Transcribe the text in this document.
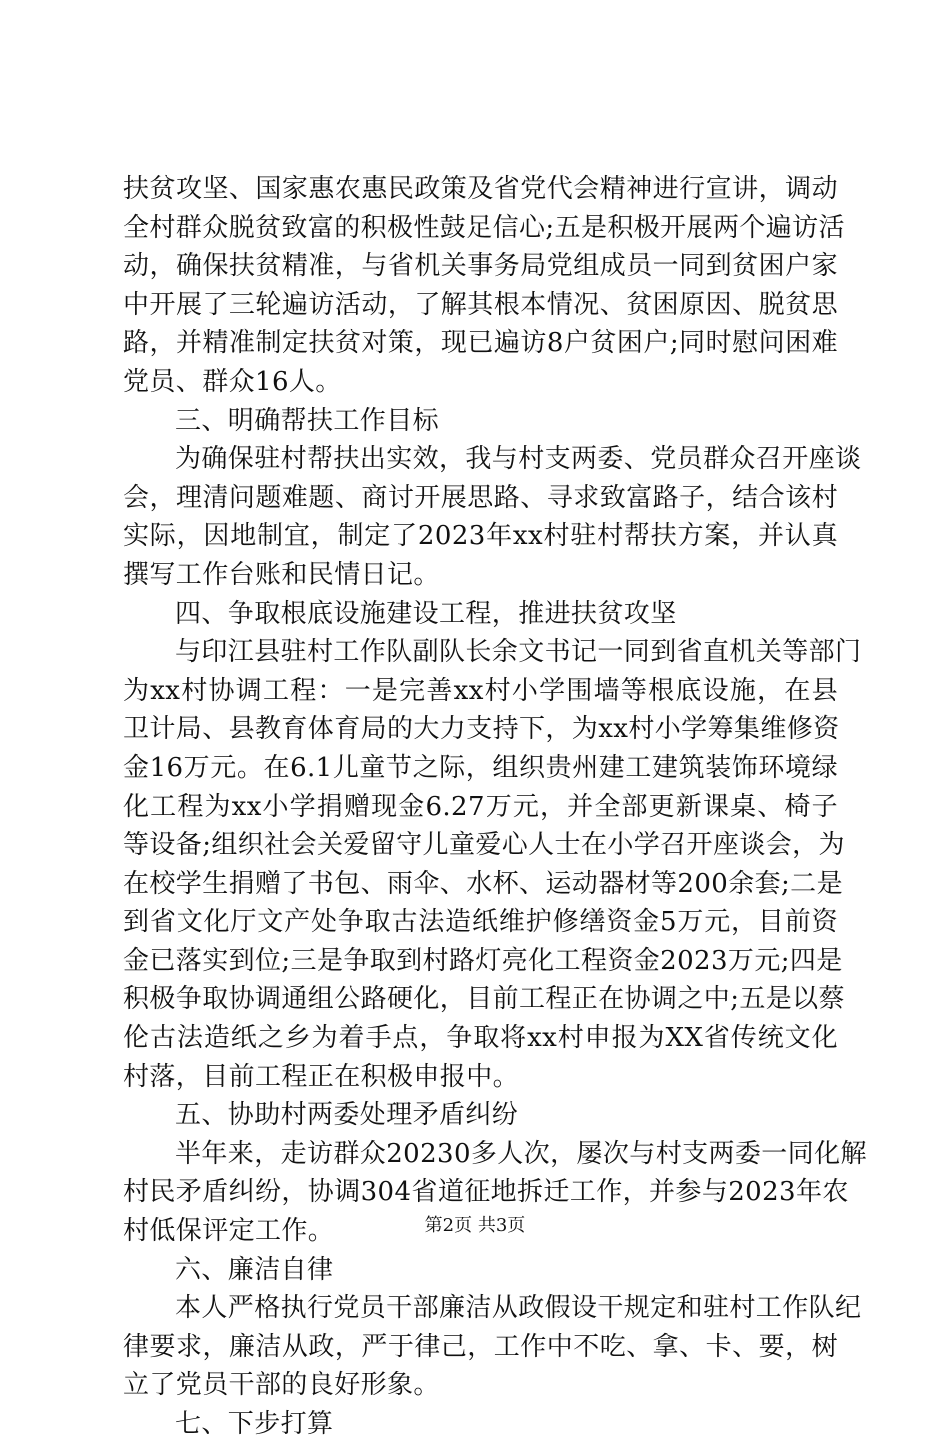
扶贫攻坚、国家惠农惠民政策及省党代会精神进行宣讲，调动
全村群众脱贫致富的积极性鼓足信心;五是积极开展两个遍访活
动，确保扶贫精准，与省机关事务局党组成员一同到贫困户家
中开展了三轮遍访活动，了解其根本情况、贫困原因、脱贫思
路，并精准制定扶贫对策，现已遍访8户贫困户;同时慰问困难
党员、群众16人。
三、明确帮扶工作目标
为确保驻村帮扶出实效，我与村支两委、党员群众召开座谈
会，理清问题难题、商讨开展思路、寻求致富路子，结合该村
实际，因地制宜，制定了2023年xx村驻村帮扶方案，并认真
撰写工作台账和民情日记。
四、争取根底设施建设工程，推进扶贫攻坚
与印江县驻村工作队副队长余文书记一同到省直机关等部门
为xx村协调工程：一是完善xx村小学围墙等根底设施，在县
卫计局、县教育体育局的大力支持下，为xx村小学筹集维修资
金16万元。在6.1儿童节之际，组织贵州建工建筑装饰环境绿
化工程为xx小学捐赠现金6.27万元，并全部更新课桌、椅子
等设备;组织社会关爱留守儿童爱心人士在小学召开座谈会，为
在校学生捐赠了书包、雨伞、水杯、运动器材等200余套;二是
到省文化厅文产处争取古法造纸维护修缮资金5万元，目前资
金已落实到位;三是争取到村路灯亮化工程资金2023万元;四是
积极争取协调通组公路硬化，目前工程正在协调之中;五是以蔡
伦古法造纸之乡为着手点，争取将xx村申报为XX省传统文化
村落，目前工程正在积极申报中。
五、协助村两委处理矛盾纠纷
半年来，走访群众20230多人次，屡次与村支两委一同化解
村民矛盾纠纷，协调304省道征地拆迁工作，并参与2023年农
村低保评定工作。
六、廉洁自律
本人严格执行党员干部廉洁从政假设干规定和驻村工作队纪
律要求，廉洁从政，严于律己，工作中不吃、拿、卡、要，树
立了党员干部的良好形象。
七、下步打算
第2页 共3页
